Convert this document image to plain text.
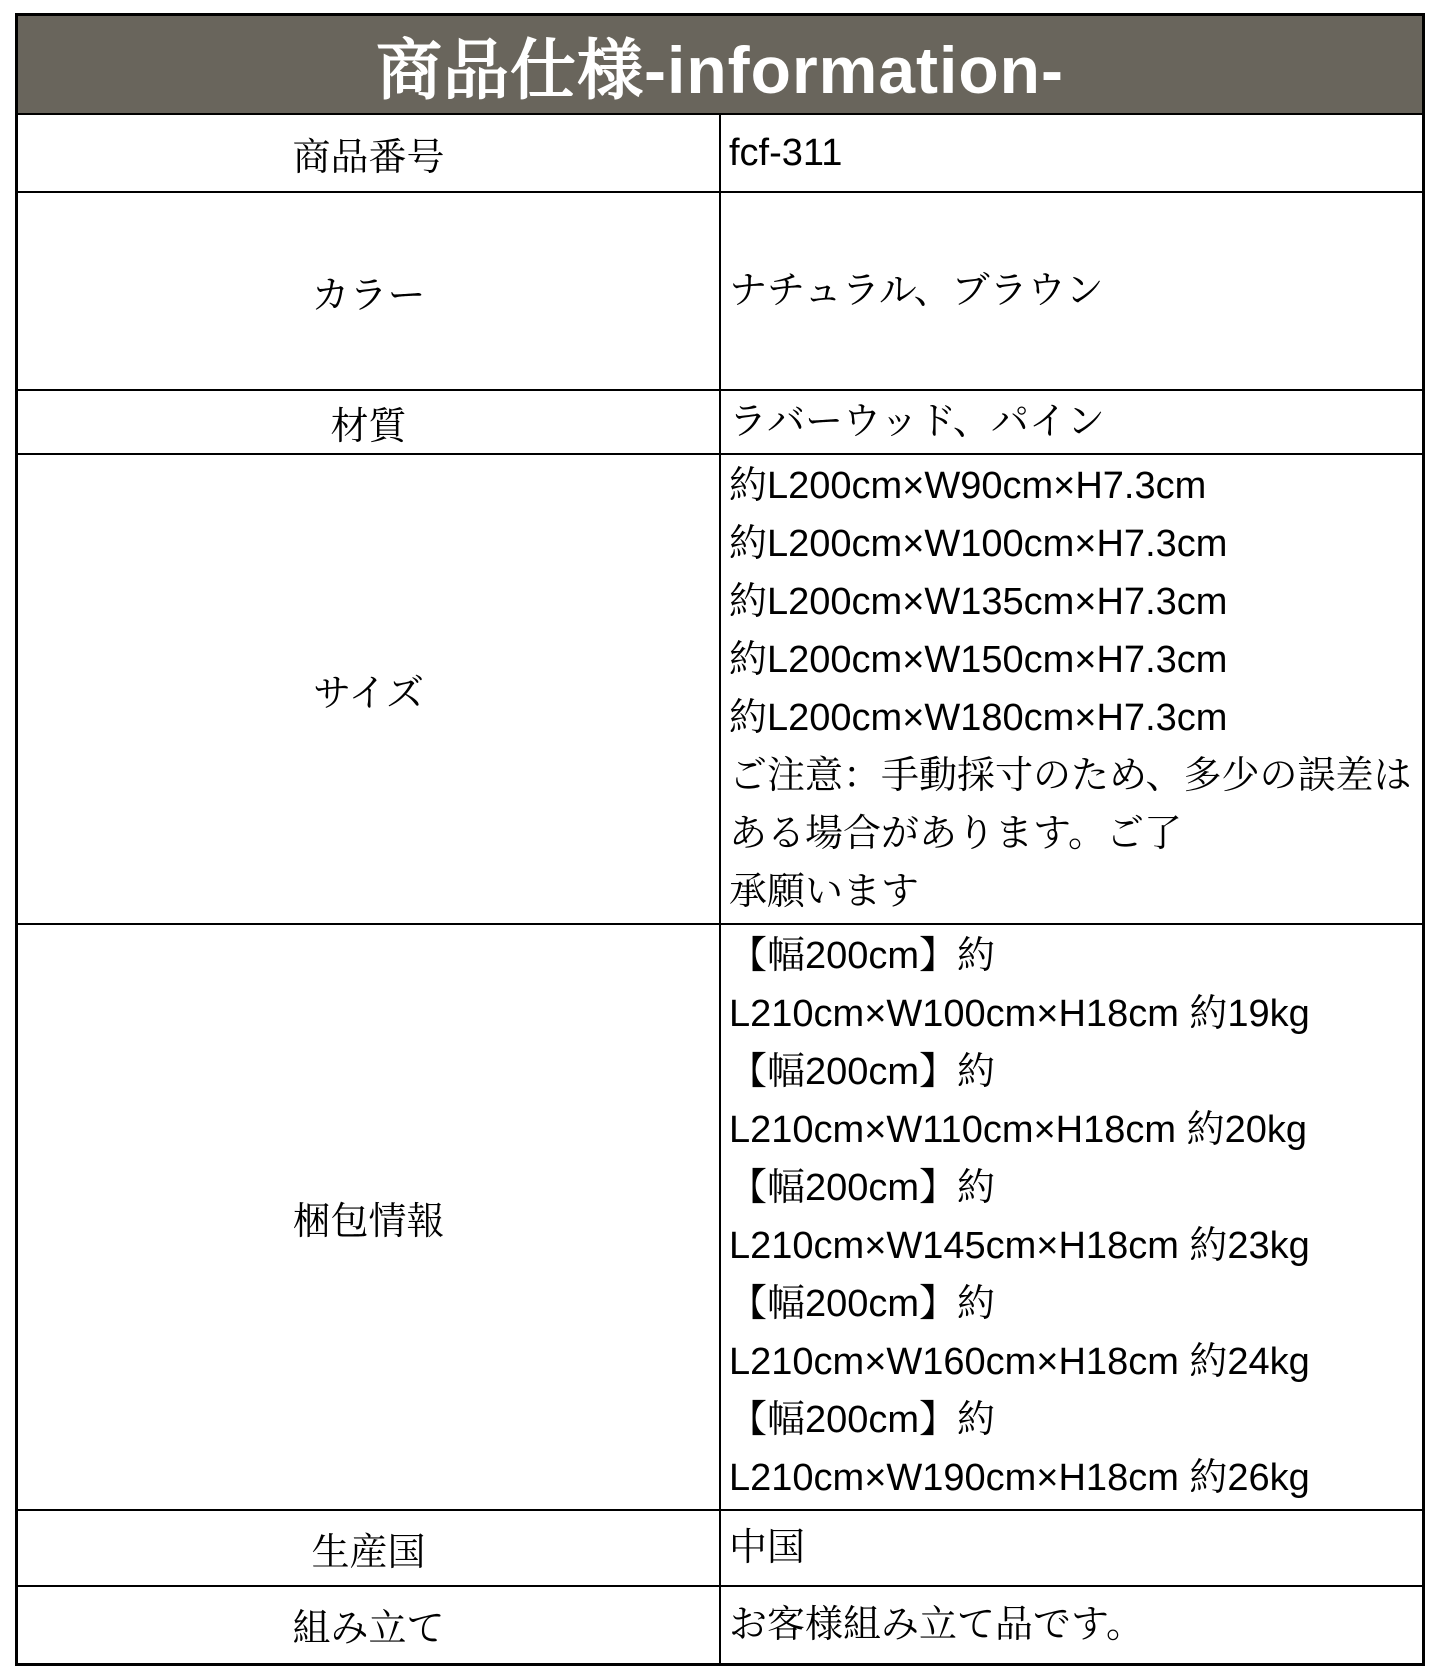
商品仕様-information-	
商品番号	fcf-311

カラー	ナチュラル、ブラウン

材質	ラバーウッド、パイン

サイズ	
約L200cm×W90cm×H7.3cm
約L200cm×W100cm×H7.3cm
約L200cm×W135cm×H7.3cm
約L200cm×W150cm×H7.3cm
約L200cm×W180cm×H7.3cm
ご注意：手動採寸のため、多少の誤差はある場合があります。ご了
承願います

梱包情報	【幅200cm】約L210cm×W100cm×H18cm 約19kg
【幅200cm】約L210cm×W110cm×H18cm 約20kg
【幅200cm】約L210cm×W145cm×H18cm 約23kg
【幅200cm】約L210cm×W160cm×H18cm 約24kg
【幅200cm】約L210cm×W190cm×H18cm 約26kg

生産国	中国

組み立て	お客様組み立て品です。
